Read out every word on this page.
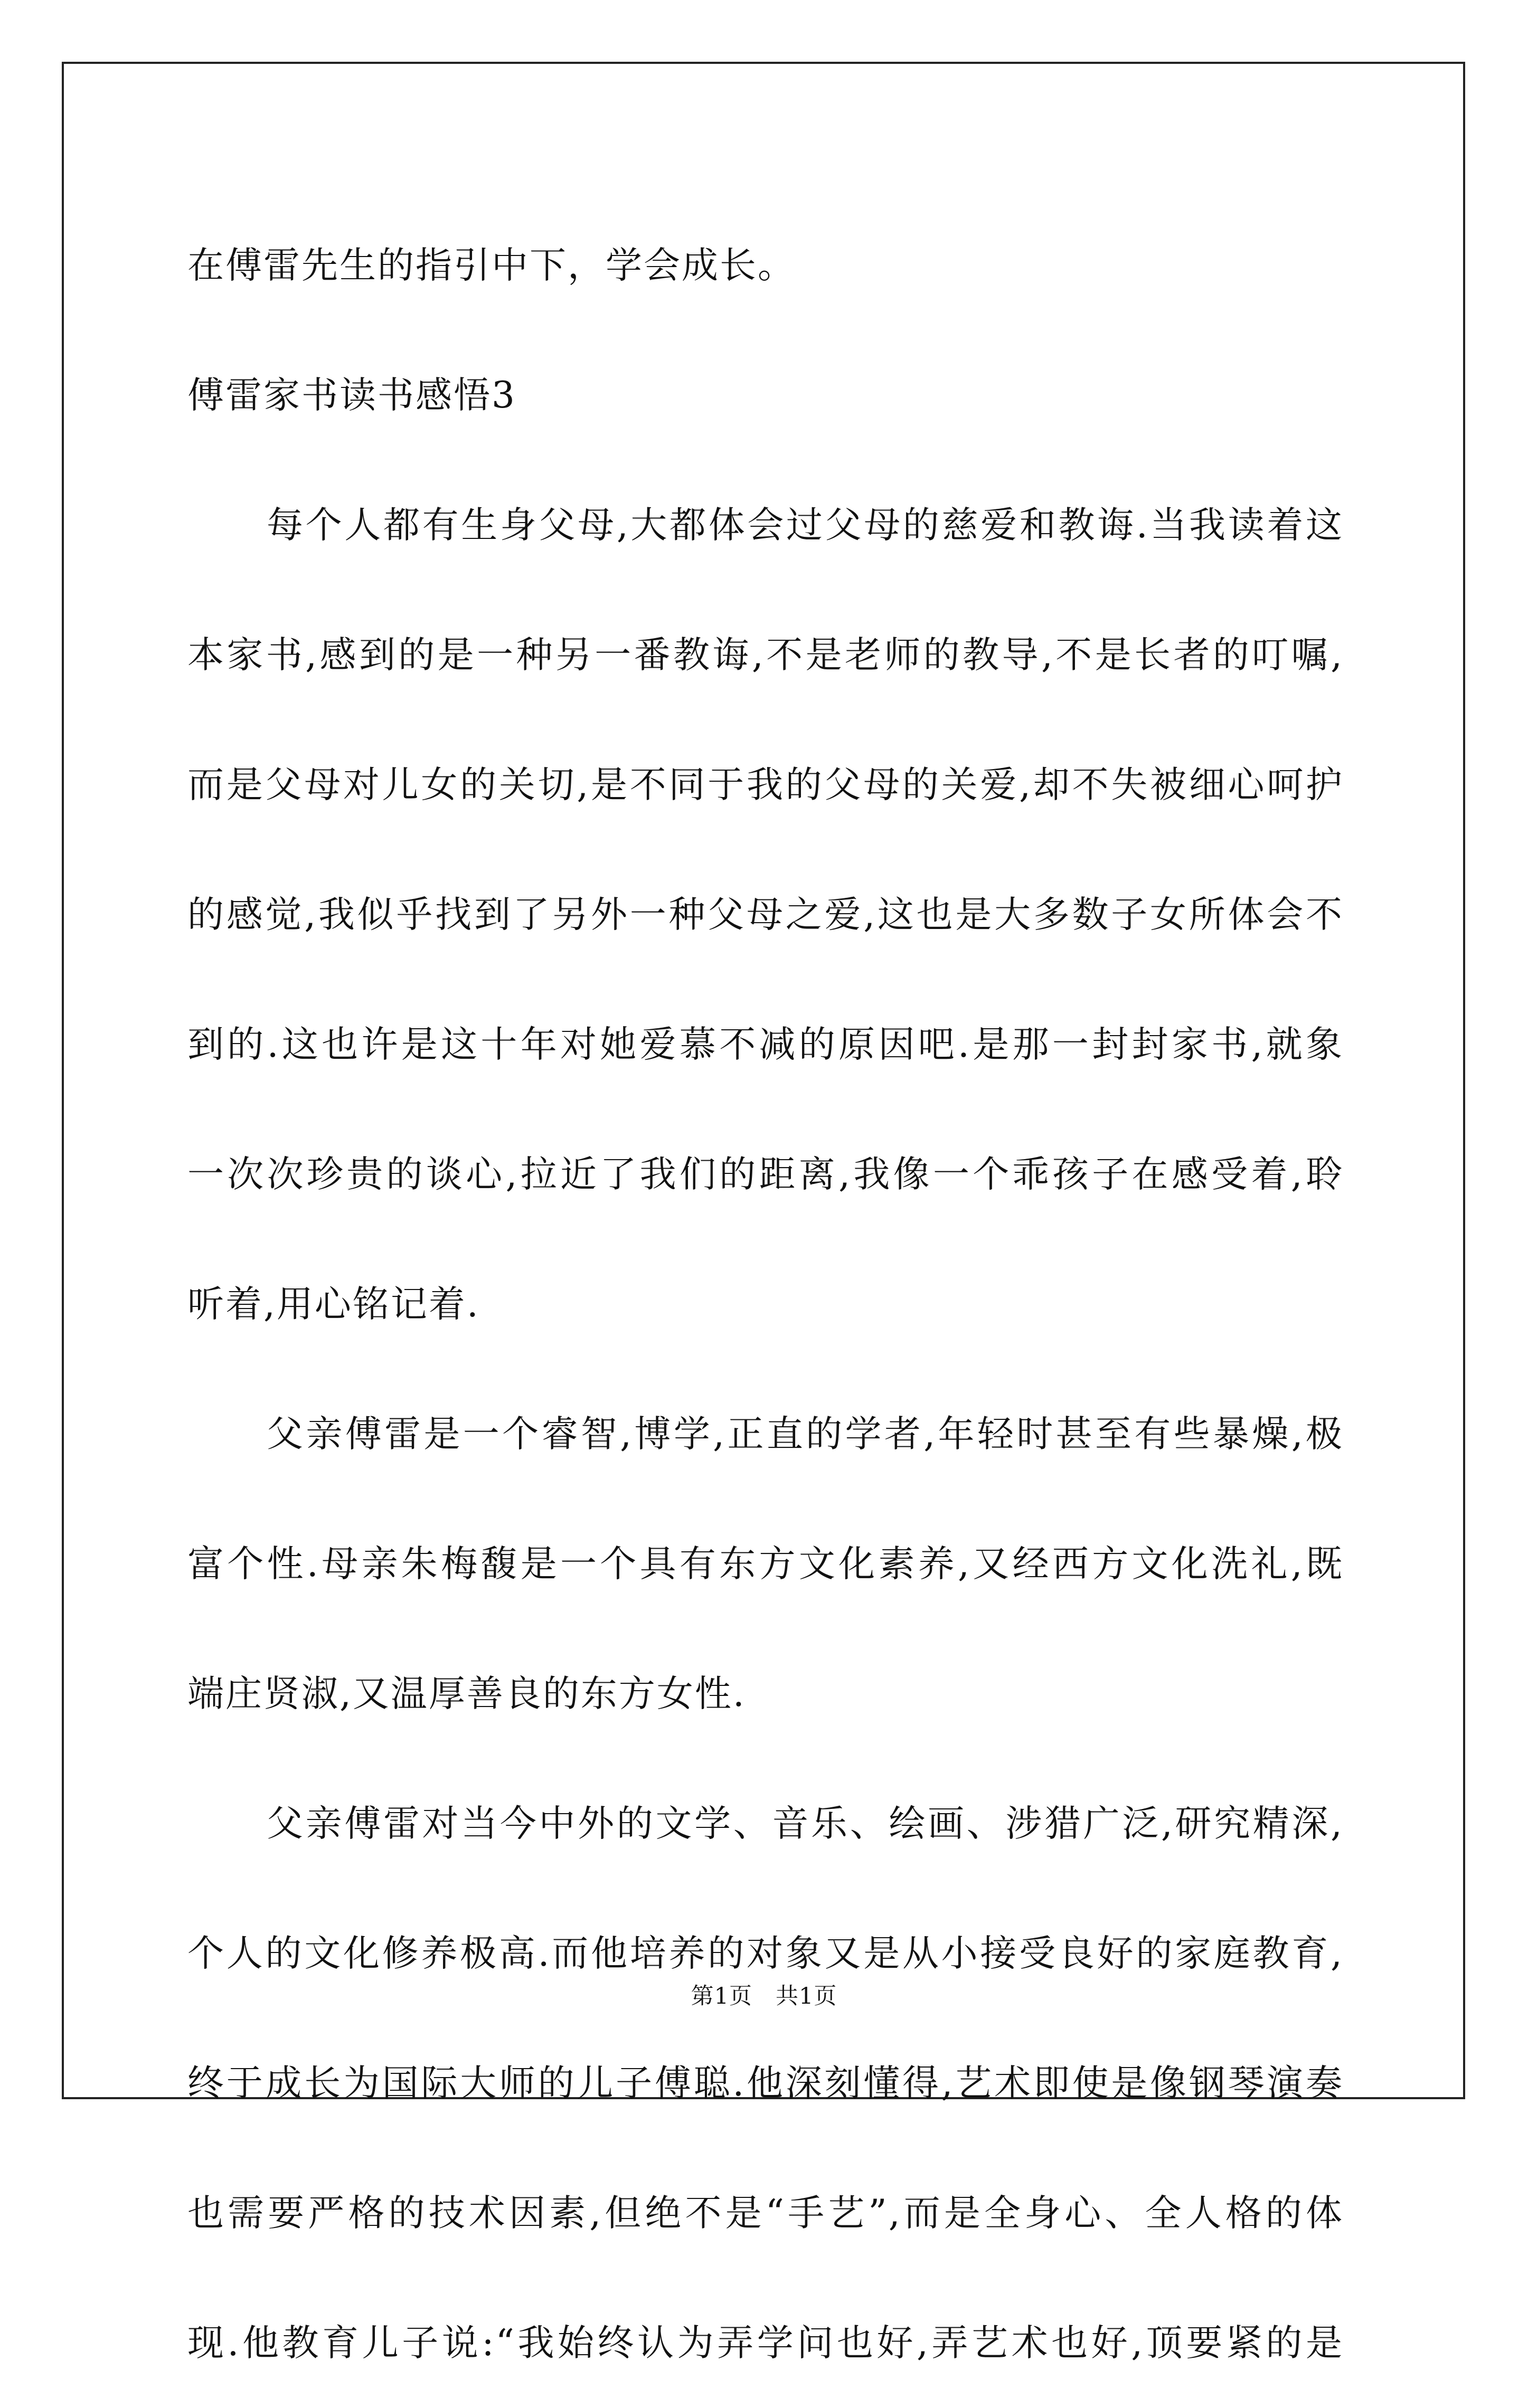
在傅雷先生的指引中下，学会成长。
傅雷家书读书感悟3
每个人都有生身父母,大都体会过父母的慈爱和教诲.当我读着这
本家书,感到的是一种另一番教诲,不是老师的教导,不是长者的叮嘱,
而是父母对儿女的关切,是不同于我的父母的关爱,却不失被细心呵护
的感觉,我似乎找到了另外一种父母之爱,这也是大多数子女所体会不
到的.这也许是这十年对她爱慕不减的原因吧.是那一封封家书,就象
一次次珍贵的谈心,拉近了我们的距离,我像一个乖孩子在感受着,聆
听着,用心铭记着.
父亲傅雷是一个睿智,博学,正直的学者,年轻时甚至有些暴燥,极
富个性.母亲朱梅馥是一个具有东方文化素养,又经西方文化洗礼,既
端庄贤淑,又温厚善良的东方女性.
父亲傅雷对当今中外的文学、音乐、绘画、涉猎广泛,研究精深,
个人的文化修养极高.而他培养的对象又是从小接受良好的家庭教育,
终于成长为国际大师的儿子傅聪.他深刻懂得,艺术即使是像钢琴演奏
也需要严格的技术因素,但绝不是“手艺”,而是全身心、全人格的体
现.他教育儿子说:“我始终认为弄学问也好,弄艺术也好,顶要紧的是
第1页　共1页
